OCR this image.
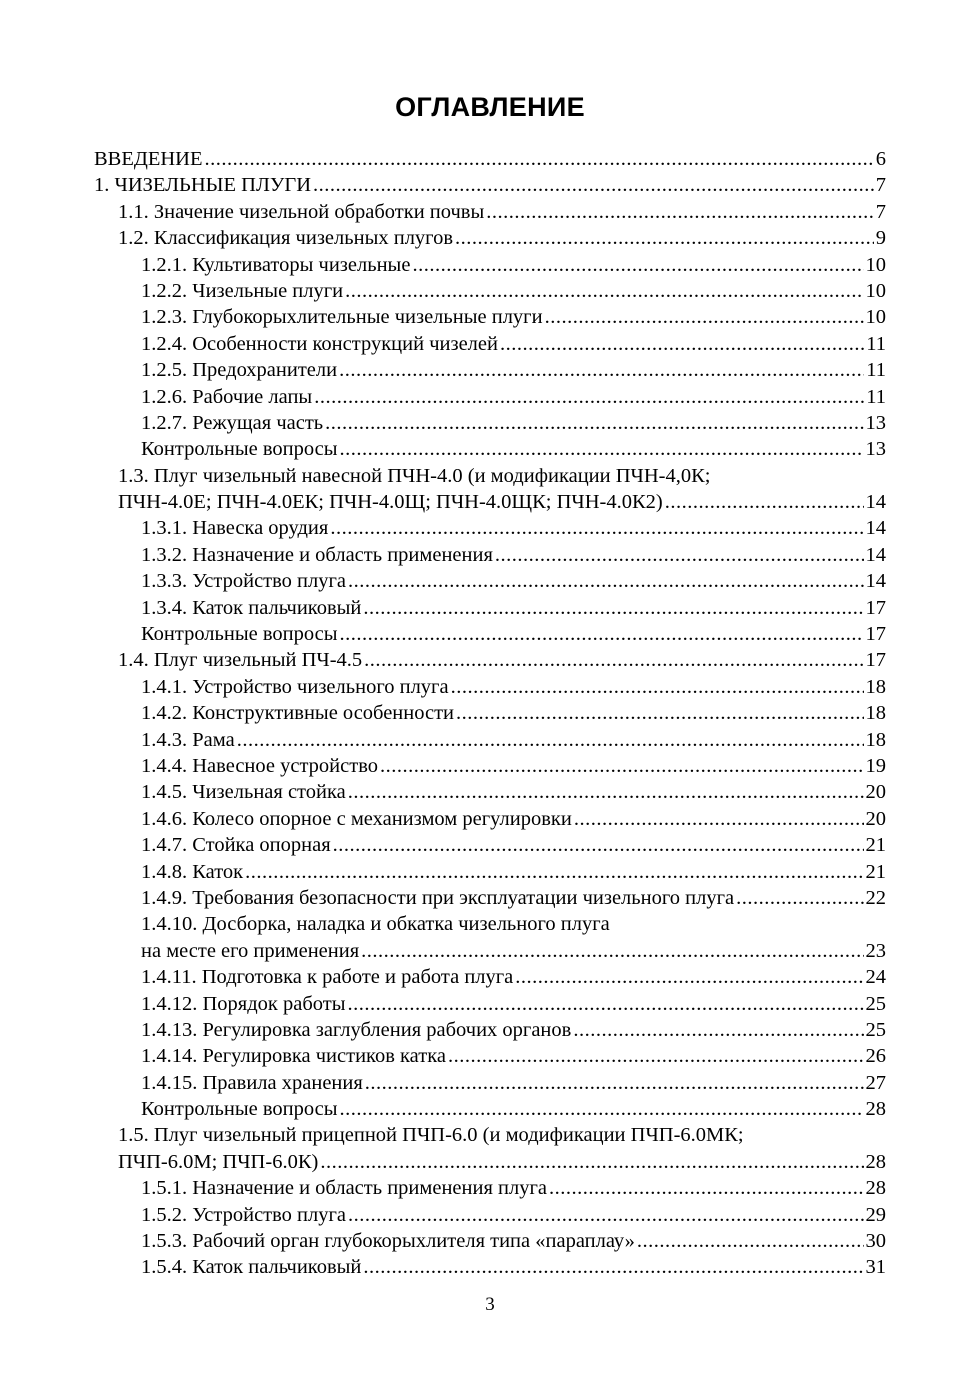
ОГЛАВЛЕНИЕ
ВВЕДЕНИЕ .....	6
1. ЧИЗЕЛЬНЫЕ ПЛУГИ .....	7
1.1. Значение чизельной обработки почвы .....	7
1.2. Классификация чизельных плугов .....	9
1.2.1. Культиваторы чизельные .....	10
1.2.2. Чизельные плуги .....	10
1.2.3. Глубокорыхлительные чизельные плуги .....	10
1.2.4. Особенности конструкций чизелей .....	11
1.2.5. Предохранители .....	11
1.2.6. Рабочие лапы .....	11
1.2.7. Режущая часть .....	13
Контрольные вопросы .....	13
1.3. Плуг чизельный навесной ПЧН-4.0 (и модификации ПЧН-4,0К;
ПЧН-4.0Е; ПЧН-4.0ЕК; ПЧН-4.0Щ; ПЧН-4.0ЩК; ПЧН-4.0К2) .....	14
1.3.1. Навеска орудия .....	14
1.3.2. Назначение и область применения .....	14
1.3.3. Устройство плуга .....	14
1.3.4. Каток пальчиковый .....	17
Контрольные вопросы .....	17
1.4. Плуг чизельный ПЧ-4.5 .....	17
1.4.1. Устройство чизельного плуга .....	18
1.4.2. Конструктивные особенности .....	18
1.4.3. Рама .....	18
1.4.4. Навесное устройство .....	19
1.4.5. Чизельная стойка .....	20
1.4.6. Колесо опорное с механизмом регулировки .....	20
1.4.7. Стойка опорная .....	21
1.4.8. Каток .....	21
1.4.9. Требования безопасности при эксплуатации чизельного плуга .....	22
1.4.10. Досборка, наладка и обкатка чизельного плуга
на месте его применения .....	23
1.4.11. Подготовка к работе и работа плуга .....	24
1.4.12. Порядок работы .....	25
1.4.13. Регулировка заглубления рабочих органов .....	25
1.4.14. Регулировка чистиков катка .....	26
1.4.15. Правила хранения .....	27
Контрольные вопросы .....	28
1.5. Плуг чизельный прицепной ПЧП-6.0 (и модификации ПЧП-6.0МК;
ПЧП-6.0М; ПЧП-6.0К) .....	28
1.5.1. Назначение и область применения плуга .....	28
1.5.2. Устройство плуга .....	29
1.5.3. Рабочий орган глубокорыхлителя типа «параплау» .....	30
1.5.4. Каток пальчиковый .....	31
3
